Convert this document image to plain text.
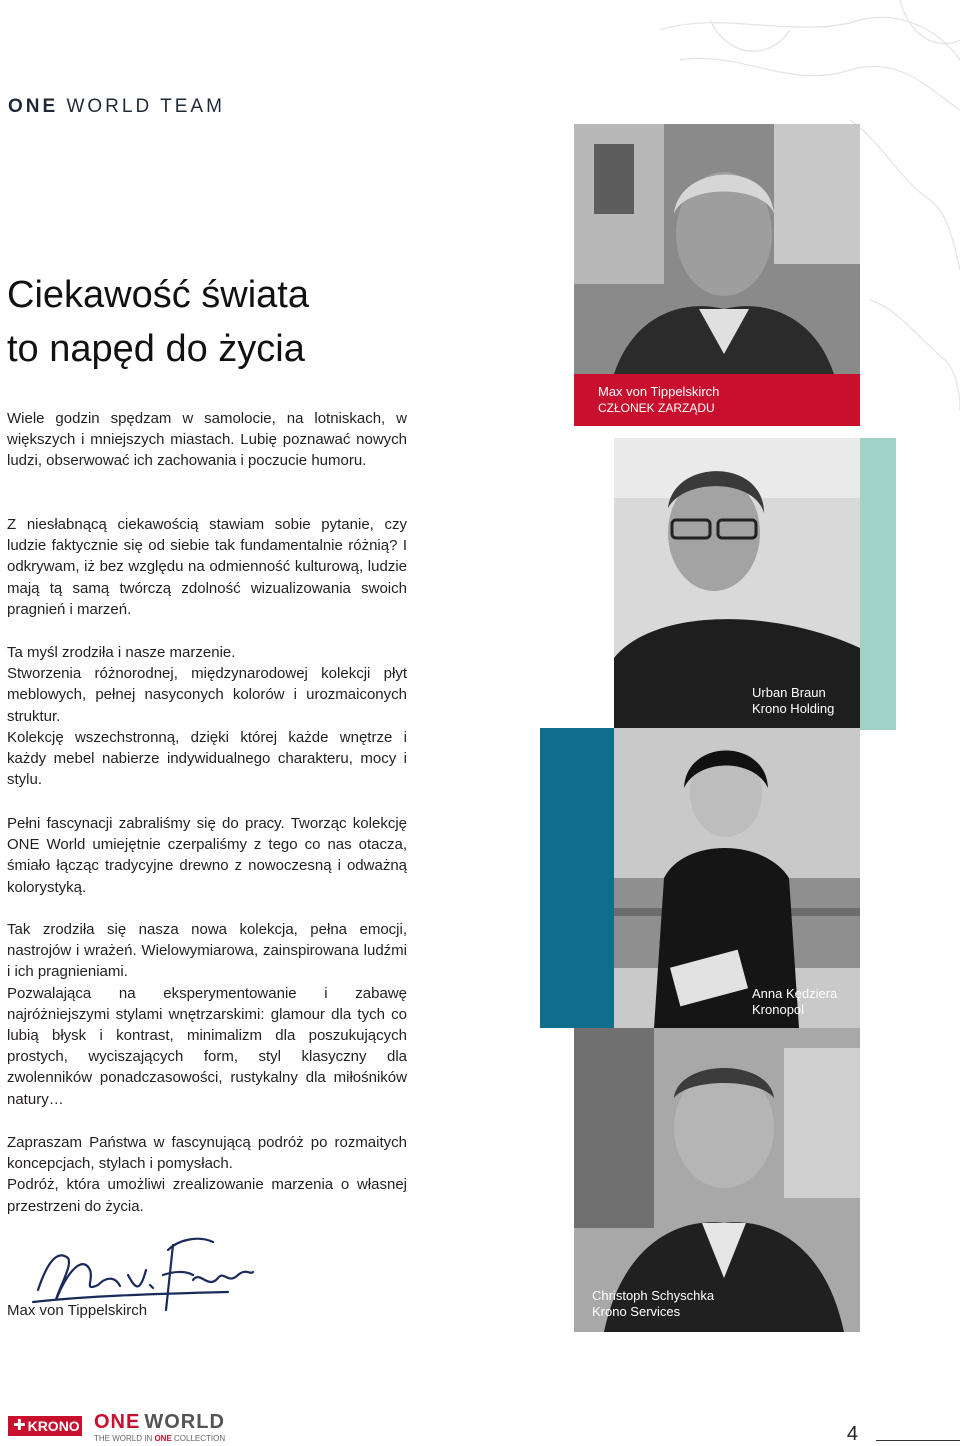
ONE WORLD TEAM
Ciekawość świata
to napęd do życia

Wiele godzin spędzam w samolocie, na lotniskach, w większych i mniejszych miastach. Lubię poznawać nowych ludzi, obserwować ich zachowania i poczucie humoru.

Z niesłabnącą ciekawością stawiam sobie pytanie, czy ludzie faktycznie się od siebie tak fundamentalnie różnią? I odkrywam, iż bez względu na odmienność kulturową, ludzie mają tą samą twórczą zdolność wizualizowania swoich pragnień i marzeń.

Ta myśl zrodziła i nasze marzenie.

Stworzenia różnorodnej, międzynarodowej kolekcji płyt meblowych, pełnej nasyconych kolorów i urozmaiconych struktur.

Kolekcję wszechstronną, dzięki której każde wnętrze i każdy mebel nabierze indywidualnego charakteru, mocy i stylu.

Pełni fascynacji zabraliśmy się do pracy. Tworząc kolekcję ONE World umiejętnie czerpaliśmy z tego co nas otacza, śmiało łącząc tradycyjne drewno z nowoczesną i odważną kolorystyką.

Tak zrodziła się nasza nowa kolekcja, pełna emocji, nastrojów i wrażeń. Wielowymiarowa, zainspirowana ludźmi i ich pragnieniami.

Pozwalająca na eksperymentowanie i zabawę najróżniejszymi stylami wnętrzarskimi: glamour dla tych co lubią błysk i kontrast, minimalizm dla poszukujących prostych, wyciszających form, styl klasyczny dla zwolenników ponadczasowości, rustykalny dla miłośników natury…

Zapraszam Państwa w fascynującą podróż po rozmaitych koncepcjach, stylach i pomysłach.

Podróż, która umożliwi zrealizowanie marzenia o własnej przestrzeni do życia.

Max von Tippelskirch
Max von Tippelskirch
CZŁONEK ZARZĄDU
Urban Braun
Krono Holding
Anna Kędziera
Kronopol
Christoph Schyschka
Krono Services
✚ KRONO ONE WORLD
THE WORLD IN ONE COLLECTION	4
